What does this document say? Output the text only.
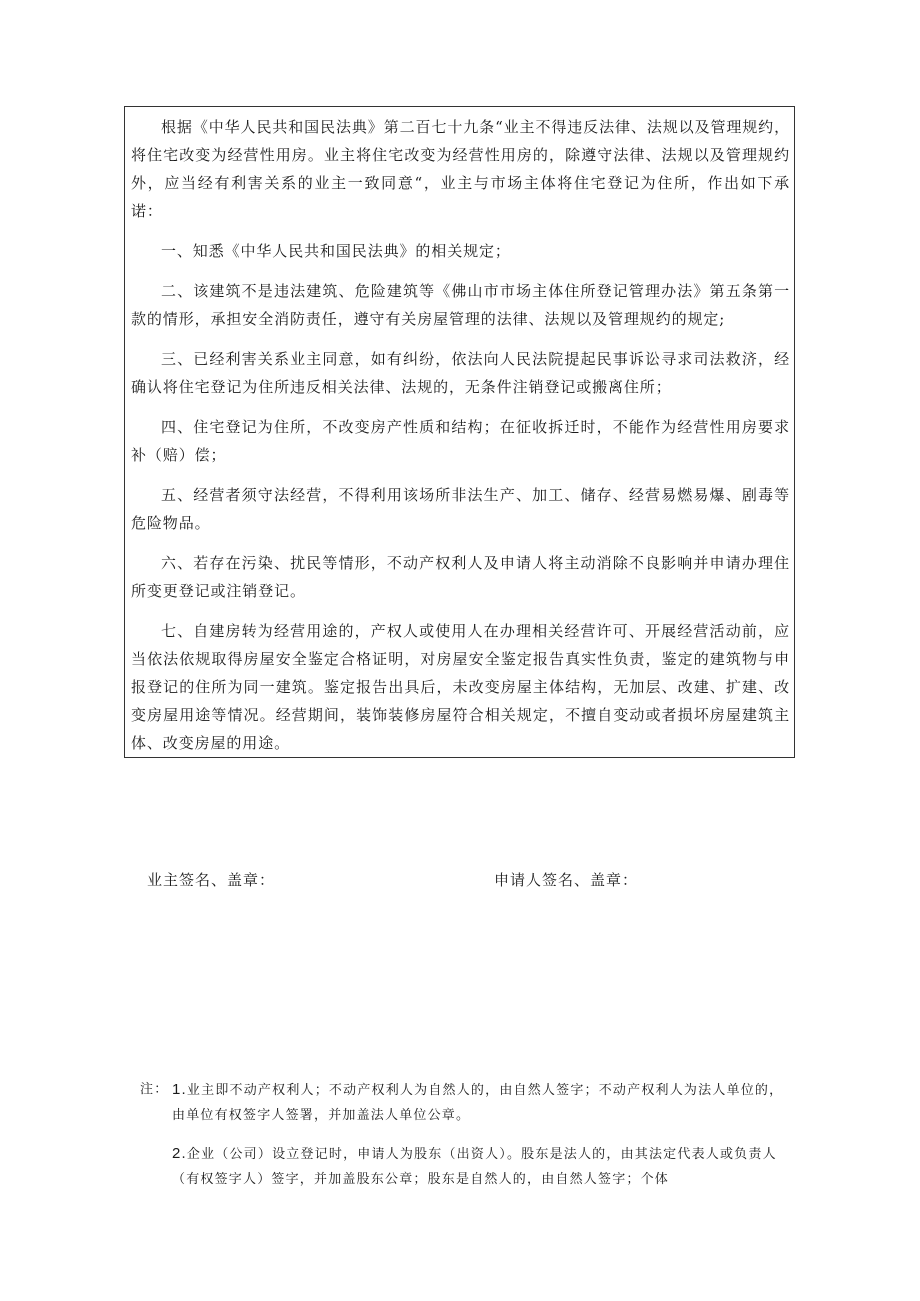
根据《中华人民共和国民法典》第二百七十九条“业主不得违反法律、法规以及管理规约，将住宅改变为经营性用房。业主将住宅改变为经营性用房的，除遵守法律、法规以及管理规约外，应当经有利害关系的业主一致同意“，业主与市场主体将住宅登记为住所，作出如下承诺：

一、知悉《中华人民共和国民法典》的相关规定；

二、该建筑不是违法建筑、危险建筑等《佛山市市场主体住所登记管理办法》第五条第一款的情形，承担安全消防责任，遵守有关房屋管理的法律、法规以及管理规约的规定;

三、已经利害关系业主同意，如有纠纷，依法向人民法院提起民事诉讼寻求司法救济，经确认将住宅登记为住所违反相关法律、法规的，无条件注销登记或搬离住所；

四、住宅登记为住所，不改变房产性质和结构；在征收拆迁时，不能作为经营性用房要求补（赔）偿；

五、经营者须守法经营，不得利用该场所非法生产、加工、储存、经营易燃易爆、剧毒等危险物品。

六、若存在污染、扰民等情形，不动产权利人及申请人将主动消除不良影响并申请办理住所变更登记或注销登记。

七、自建房转为经营用途的，产权人或使用人在办理相关经营许可、开展经营活动前，应当依法依规取得房屋安全鉴定合格证明，对房屋安全鉴定报告真实性负责，鉴定的建筑物与申报登记的住所为同一建筑。鉴定报告出具后，未改变房屋主体结构，无加层、改建、扩建、改变房屋用途等情况。经营期间，装饰装修房屋符合相关规定，不擅自变动或者损坏房屋建筑主体、改变房屋的用途。

业主签名、盖章：	申请人签名、盖章：
注： 1.业主即不动产权利人；不动产权利人为自然人的，由自然人签字；不动产权利人为法人单位的，由单位有权签字人签署，并加盖法人单位公章。
2.企业（公司）设立登记时，申请人为股东（出资人）。股东是法人的，由其法定代表人或负责人（有权签字人）签字，并加盖股东公章；股东是自然人的，由自然人签字；个体
